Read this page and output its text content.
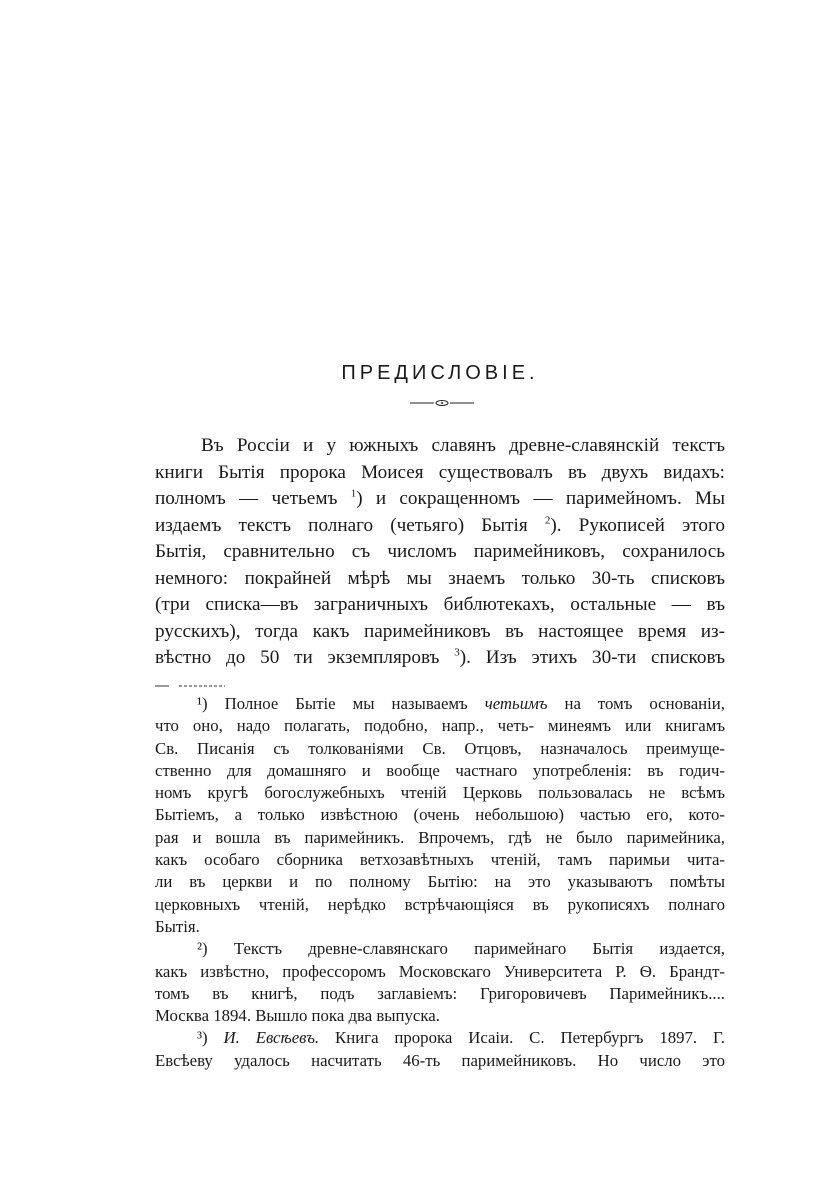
ПРЕДИСЛОВІЕ.
Въ Россіи и у южныхъ славянъ древне-славянскій текстъ
книги Бытія пророка Моисея существовалъ въ двухъ видахъ:
полномъ — четьемъ $^1$) и сокращенномъ — паримейномъ. Мы
издаемъ текстъ полнаго (четьяго) Бытія $^2$). Рукописей этого
Бытія, сравнительно съ числомъ паримейниковъ, сохранилось
немного: покрайней мѣрѣ мы знаемъ только 30-ть списковъ
(три списка—въ заграничныхъ библютекахъ, остальные — въ
русскихъ), тогда какъ паримейниковъ въ настоящее время из-
вѣстно до 50 ти экземпляровъ $^3$). Изъ этихъ 30-ти списковъ
¹) Полное Бытіе мы называемъ четьимъ на томъ основаніи,
что оно, надо полагать, подобно, напр., четь- минеямъ или книгамъ
Св. Писанія съ толкованіями Св. Отцовъ, назначалось преимуще-
ственно для домашняго и вообще частнаго употребленія: въ годич-
номъ кругѣ богослужебныхъ чтеній Церковь пользовалась не всѣмъ
Бытіемъ, а только извѣстною (очень небольшою) частью его, кото-
рая и вошла въ паримейникъ. Впрочемъ, гдѣ не было паримейника,
какъ особаго сборника ветхозавѣтныхъ чтеній, тамъ паримьи чита-
ли въ церкви и по полному Бытію: на это указываютъ помѣты
церковныхъ чтеній, нерѣдко встрѣчающіяся въ рукописяхъ полнаго
Бытія.
²) Текстъ древне-славянскаго паримейнаго Бытія издается,
какъ извѣстно, профессоромъ Московскаго Университета Р. Ѳ. Брандт-
томъ въ книгѣ, подъ заглавіемъ: Григоровичевъ Паримейникъ....
Москва 1894. Вышло пока два выпуска.
³) И. Евсѣевъ. Книга пророка Исаіи. С. Петербургъ 1897. Г.
Евсѣеву удалось насчитать 46-ть паримейниковъ. Но число это
